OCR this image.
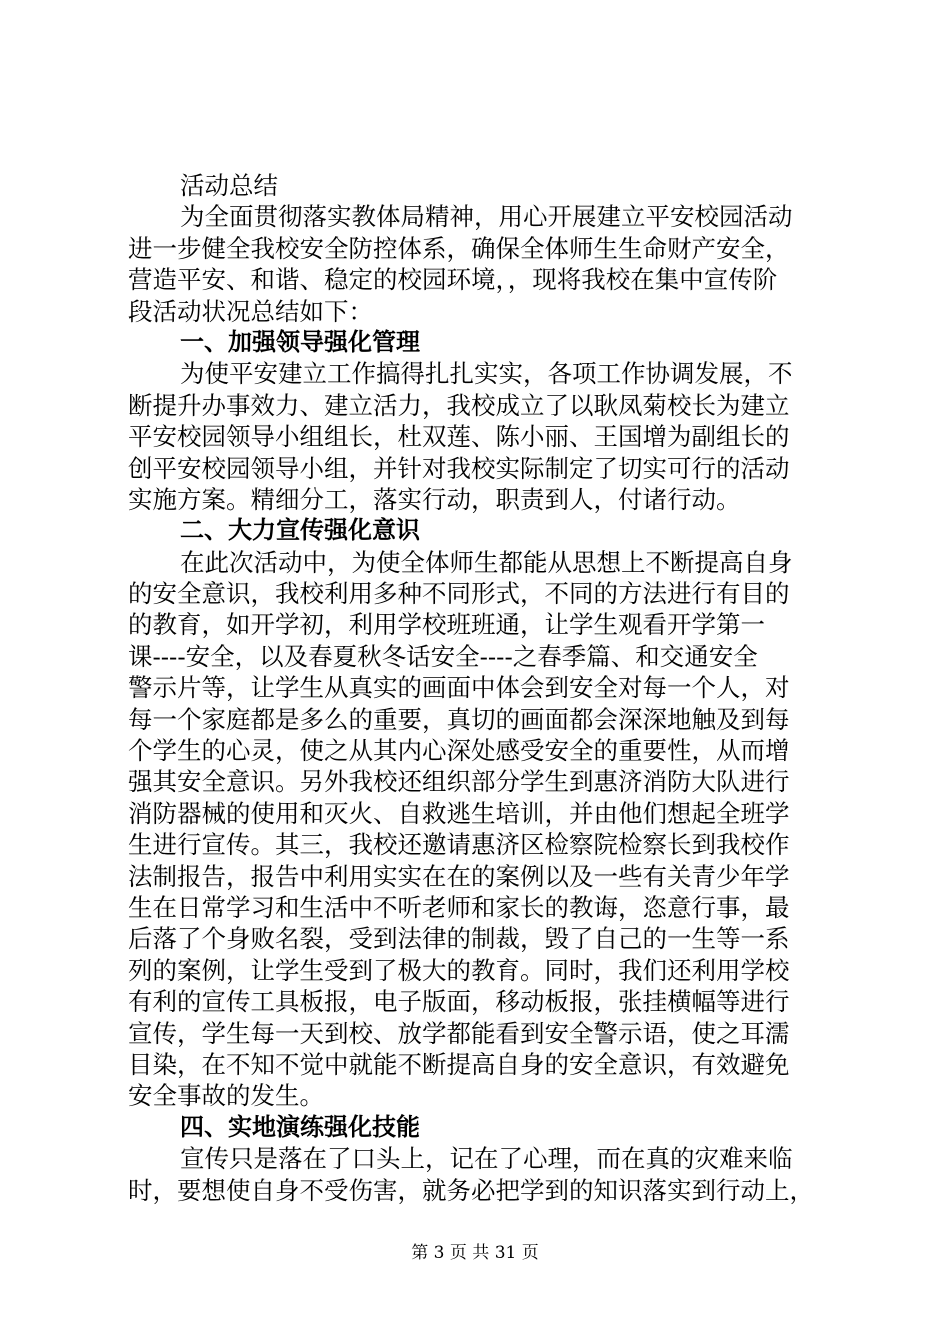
活动总结
为全面贯彻落实教体局精神，用心开展建立平安校园活动
进一步健全我校安全防控体系，确保全体师生生命财产安全，
营造平安、和谐、稳定的校园环境，，现将我校在集中宣传阶
段活动状况总结如下：
一、加强领导强化管理
为使平安建立工作搞得扎扎实实，各项工作协调发展，不
断提升办事效力、建立活力，我校成立了以耿凤菊校长为建立
平安校园领导小组组长，杜双莲、陈小丽、王国增为副组长的
创平安校园领导小组，并针对我校实际制定了切实可行的活动
实施方案。精细分工，落实行动，职责到人，付诸行动。
二、大力宣传强化意识
在此次活动中，为使全体师生都能从思想上不断提高自身
的安全意识，我校利用多种不同形式，不同的方法进行有目的
的教育，如开学初，利用学校班班通，让学生观看开学第一
课----安全，以及春夏秋冬话安全----之春季篇、和交通安全
警示片等，让学生从真实的画面中体会到安全对每一个人，对
每一个家庭都是多么的重要，真切的画面都会深深地触及到每
个学生的心灵，使之从其内心深处感受安全的重要性，从而增
强其安全意识。另外我校还组织部分学生到惠济消防大队进行
消防器械的使用和灭火、自救逃生培训，并由他们想起全班学
生进行宣传。其三，我校还邀请惠济区检察院检察长到我校作
法制报告，报告中利用实实在在的案例以及一些有关青少年学
生在日常学习和生活中不听老师和家长的教诲，恣意行事，最
后落了个身败名裂，受到法律的制裁，毁了自己的一生等一系
列的案例，让学生受到了极大的教育。同时，我们还利用学校
有利的宣传工具板报，电子版面，移动板报，张挂横幅等进行
宣传，学生每一天到校、放学都能看到安全警示语，使之耳濡
目染，在不知不觉中就能不断提高自身的安全意识，有效避免
安全事故的发生。
四、实地演练强化技能
宣传只是落在了口头上，记在了心理，而在真的灾难来临
时，要想使自身不受伤害，就务必把学到的知识落实到行动上，
第 3 页 共 31 页
